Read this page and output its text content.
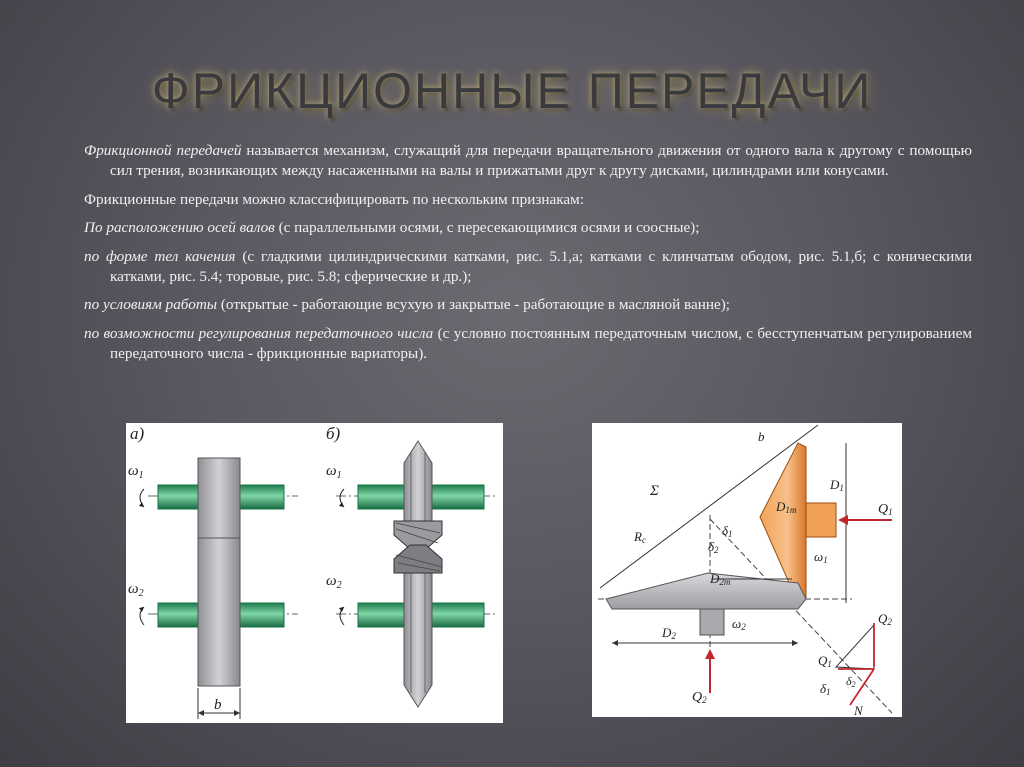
ФРИКЦИОННЫЕ ПЕРЕДАЧИ
Фрикционной передачей называется механизм, служащий для передачи вращательного движения от одного вала к другому с помощью сил трения, возникающих между насаженными на валы и прижатыми друг к другу дисками, цилиндрами или конусами.
Фрикционные передачи можно классифицировать по нескольким признакам:
По расположению осей валов (с параллельными осями, с пересекающимися осями и соосные);
по форме тел качения (с гладкими цилиндрическими катками, рис. 5.1,а; катками с клинчатым ободом, рис. 5.1,б; с коническими катками, рис. 5.4; торовые, рис. 5.8; сферические и др.);
по условиям работы (открытые - работающие всухую и закрытые - работающие в масляной ванне);
по возможности регулирования передаточного числа (с условно постоянным передаточным числом, с бесступенчатым регулированием передаточного числа - фрикционные вариаторы).
а)
$\omega_1$
$\omega_2$
b
б)
$\omega_1$
$\omega_2$
b
Σ
Rc
D1m
D1
Q1
δ1
δ2	ω1
D2m
D2
ω2
Q2
Q2
Q1
δ1
δ2
N
